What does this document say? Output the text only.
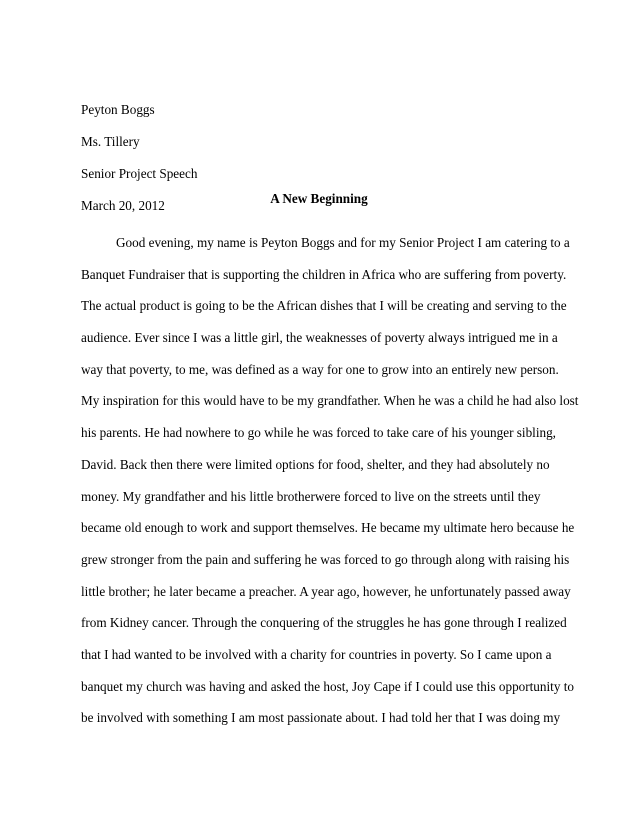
Peyton Boggs
Ms. Tillery
Senior Project Speech
March 20, 2012	A New Beginning
Good evening, my name is Peyton Boggs and for my Senior Project I am catering to a
Banquet Fundraiser that is supporting the children in Africa who are suffering from poverty.
The actual product is going to be the African dishes that I will be creating and serving to the
audience. Ever since I was a little girl, the weaknesses of poverty always intrigued me in a
way that poverty, to me, was defined as a way for one to grow into an entirely new person.
My inspiration for this would have to be my grandfather. When he was a child he had also lost
his parents. He had nowhere to go while he was forced to take care of his younger sibling,
David. Back then there were limited options for food, shelter, and they had absolutely no
money. My grandfather and his little brotherwere forced to live on the streets until they
became old enough to work and support themselves. He became my ultimate hero because he
grew stronger from the pain and suffering he was forced to go through along with raising his
little brother; he later became a preacher. A year ago, however, he unfortunately passed away
from Kidney cancer. Through the conquering of the struggles he has gone through I realized
that I had wanted to be involved with a charity for countries in poverty. So I came upon a
banquet my church was having and asked the host, Joy Cape if I could use this opportunity to
be involved with something I am most passionate about. I had told her that I was doing my
